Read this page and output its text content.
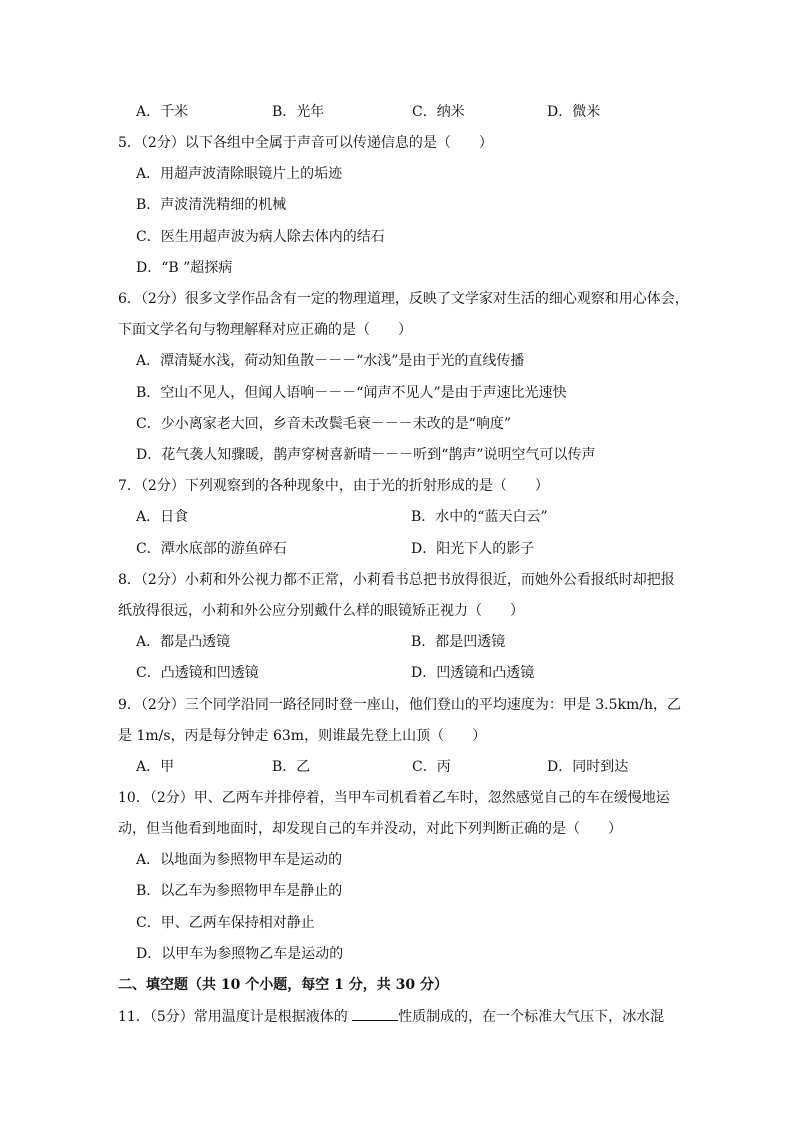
A．千米	B．光年	C．纳米	D．微米
5．（2分）以下各组中全属于声音可以传递信息的是（　　）
A．用超声波清除眼镜片上的垢迹
B．声波清洗精细的机械
C．医生用超声波为病人除去体内的结石
D．“B ”超探病
6．（2分）很多文学作品含有一定的物理道理，反映了文学家对生活的细心观察和用心体会，
下面文学名句与物理解释对应正确的是（　　）
A．潭清疑水浅，荷动知鱼散－－－“水浅”是由于光的直线传播
B．空山不见人，但闻人语响－－－“闻声不见人”是由于声速比光速快
C．少小离家老大回，乡音未改鬓毛衰－－－未改的是“响度”
D．花气袭人知骤暖，鹊声穿树喜新晴－－－听到“鹊声”说明空气可以传声
7．（2分）下列观察到的各种现象中，由于光的折射形成的是（　　）
A．日食	B．水中的“蓝天白云”
C．潭水底部的游鱼碎石	D．阳光下人的影子
8．（2分）小莉和外公视力都不正常，小莉看书总把书放得很近，而她外公看报纸时却把报
纸放得很远，小莉和外公应分别戴什么样的眼镜矫正视力（　　）
A．都是凸透镜	B．都是凹透镜
C．凸透镜和凹透镜	D．凹透镜和凸透镜
9．（2分）三个同学沿同一路径同时登一座山，他们登山的平均速度为：甲是 3.5km/h，乙
是 1m/s，丙是每分钟走 63m，则谁最先登上山顶（　　）
A．甲	B．乙	C．丙	D．同时到达
10．（2分）甲、乙两车并排停着，当甲车司机看着乙车时，忽然感觉自己的车在缓慢地运
动，但当他看到地面时，却发现自己的车并没动，对此下列判断正确的是（　　）
A．以地面为参照物甲车是运动的
B．以乙车为参照物甲车是静止的
C．甲、乙两车保持相对静止
D．以甲车为参照物乙车是运动的
二、填空题（共 10 个小题，每空 1 分，共 30 分）
11．（5分）常用温度计是根据液体的	性质制成的，在一个标准大气压下，冰水混
